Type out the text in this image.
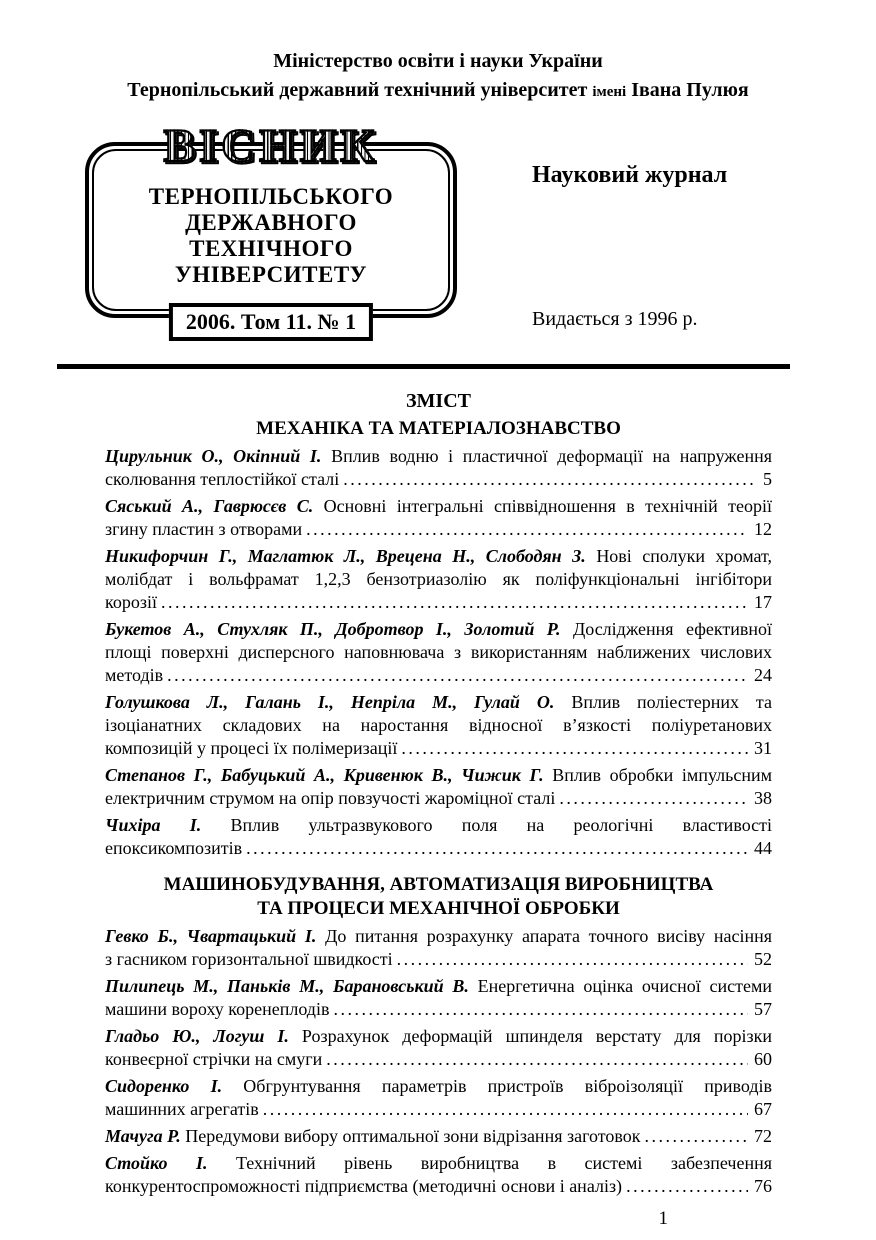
Міністерство освіти і науки України
Тернопільський державний технічний університет імені Івана Пулюя
ВІСНИК
ТЕРНОПІЛЬСЬКОГО
ДЕРЖАВНОГО
ТЕХНІЧНОГО
УНІВЕРСИТЕТУ
2006. Том 11. № 1
Науковий журнал
Видається з 1996 р.
ЗМІСТ
МЕХАНІКА ТА МАТЕРІАЛОЗНАВСТВО
Цирульник О., Окіпний І. Вплив водню і пластичної деформації на напруження
сколювання теплостійкої сталі .....	5
Сяський А., Гаврюсєв С. Основні інтегральні співвідношення в технічній теорії
згину пластин з отворами .....	12
Никифорчин Г., Маглатюк Л., Врецена Н., Слободян З. Нові сполуки хромат,
молібдат і вольфрамат 1,2,3 бензотриазолію як поліфункціональні інгібітори
корозії .....	17
Букетов А., Стухляк П., Добротвор І., Золотий Р. Дослідження ефективної
площі поверхні дисперсного наповнювача з використанням наближених числових
методів .....	24
Голушкова Л., Галань І., Непріла М., Гулай О. Вплив поліестерних та
ізоціанатних складових на наростання відносної в’язкості поліуретанових
композицій у процесі їх полімеризації .....	31
Степанов Г., Бабуцький А., Кривенюк В., Чижик Г. Вплив обробки імпульсним
електричним струмом на опір повзучості жароміцної сталі .....	38
Чихіра І. Вплив ультразвукового поля на реологічні властивості
епоксикомпозитів .....	44
МАШИНОБУДУВАННЯ, АВТОМАТИЗАЦІЯ ВИРОБНИЦТВА
ТА ПРОЦЕСИ МЕХАНІЧНОЇ ОБРОБКИ
Гевко Б., Чвартацький І. До питання розрахунку апарата точного висіву насіння
з гасником горизонтальної швидкості .....	52
Пилипець М., Паньків М., Барановський В. Енергетична оцінка очисної системи
машини вороху коренеплодів .....	57
Гладьо Ю., Логуш І. Розрахунок деформацій шпинделя верстату для порізки
конвеєрної стрічки на смуги .....	60
Сидоренко І. Обгрунтування параметрів пристроїв віброізоляції приводів
машинних агрегатів .....	67
Мачуга Р. Передумови вибору оптимальної зони відрізання заготовок .....	72
Стойко І. Технічний рівень виробництва в системі забезпечення
конкурентоспроможності підприємства (методичні основи і аналіз) .....	76
1
